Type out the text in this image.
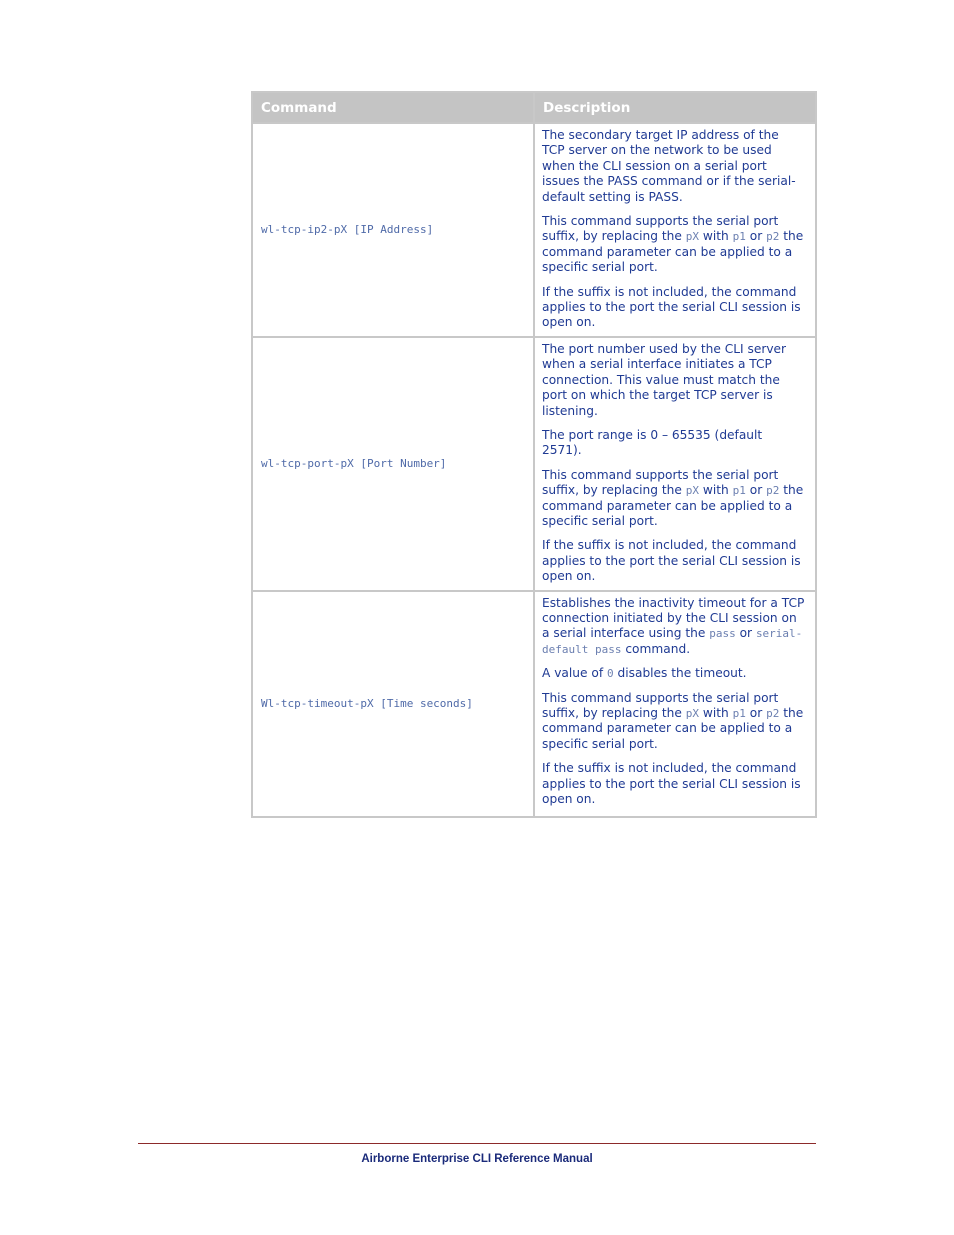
Command	Description
wl-tcp-ip2-pX [IP Address]	The secondary target IP address of the TCP server on the network to be used when the CLI session on a serial port issues the PASS command or if the serial-default setting is PASS.

This command supports the serial port suffix, by replacing the pX with p1 or p2 the command parameter can be applied to a specific serial port.

If the suffix is not included, the command applies to the port the serial CLI session is open on.

wl-tcp-port-pX [Port Number]	The port number used by the CLI server when a serial interface initiates a TCP connection. This value must match the port on which the target TCP server is listening.

The port range is 0 – 65535 (default 2571).

This command supports the serial port suffix, by replacing the pX with p1 or p2 the command parameter can be applied to a specific serial port.

If the suffix is not included, the command applies to the port the serial CLI session is open on.

Wl-tcp-timeout-pX [Time seconds]	Establishes the inactivity timeout for a TCP connection initiated by the CLI session on a serial interface using the pass or serial-default pass command.

A value of 0 disables the timeout.

This command supports the serial port suffix, by replacing the pX with p1 or p2 the command parameter can be applied to a specific serial port.

If the suffix is not included, the command applies to the port the serial CLI session is open on.

Airborne Enterprise CLI Reference Manual
